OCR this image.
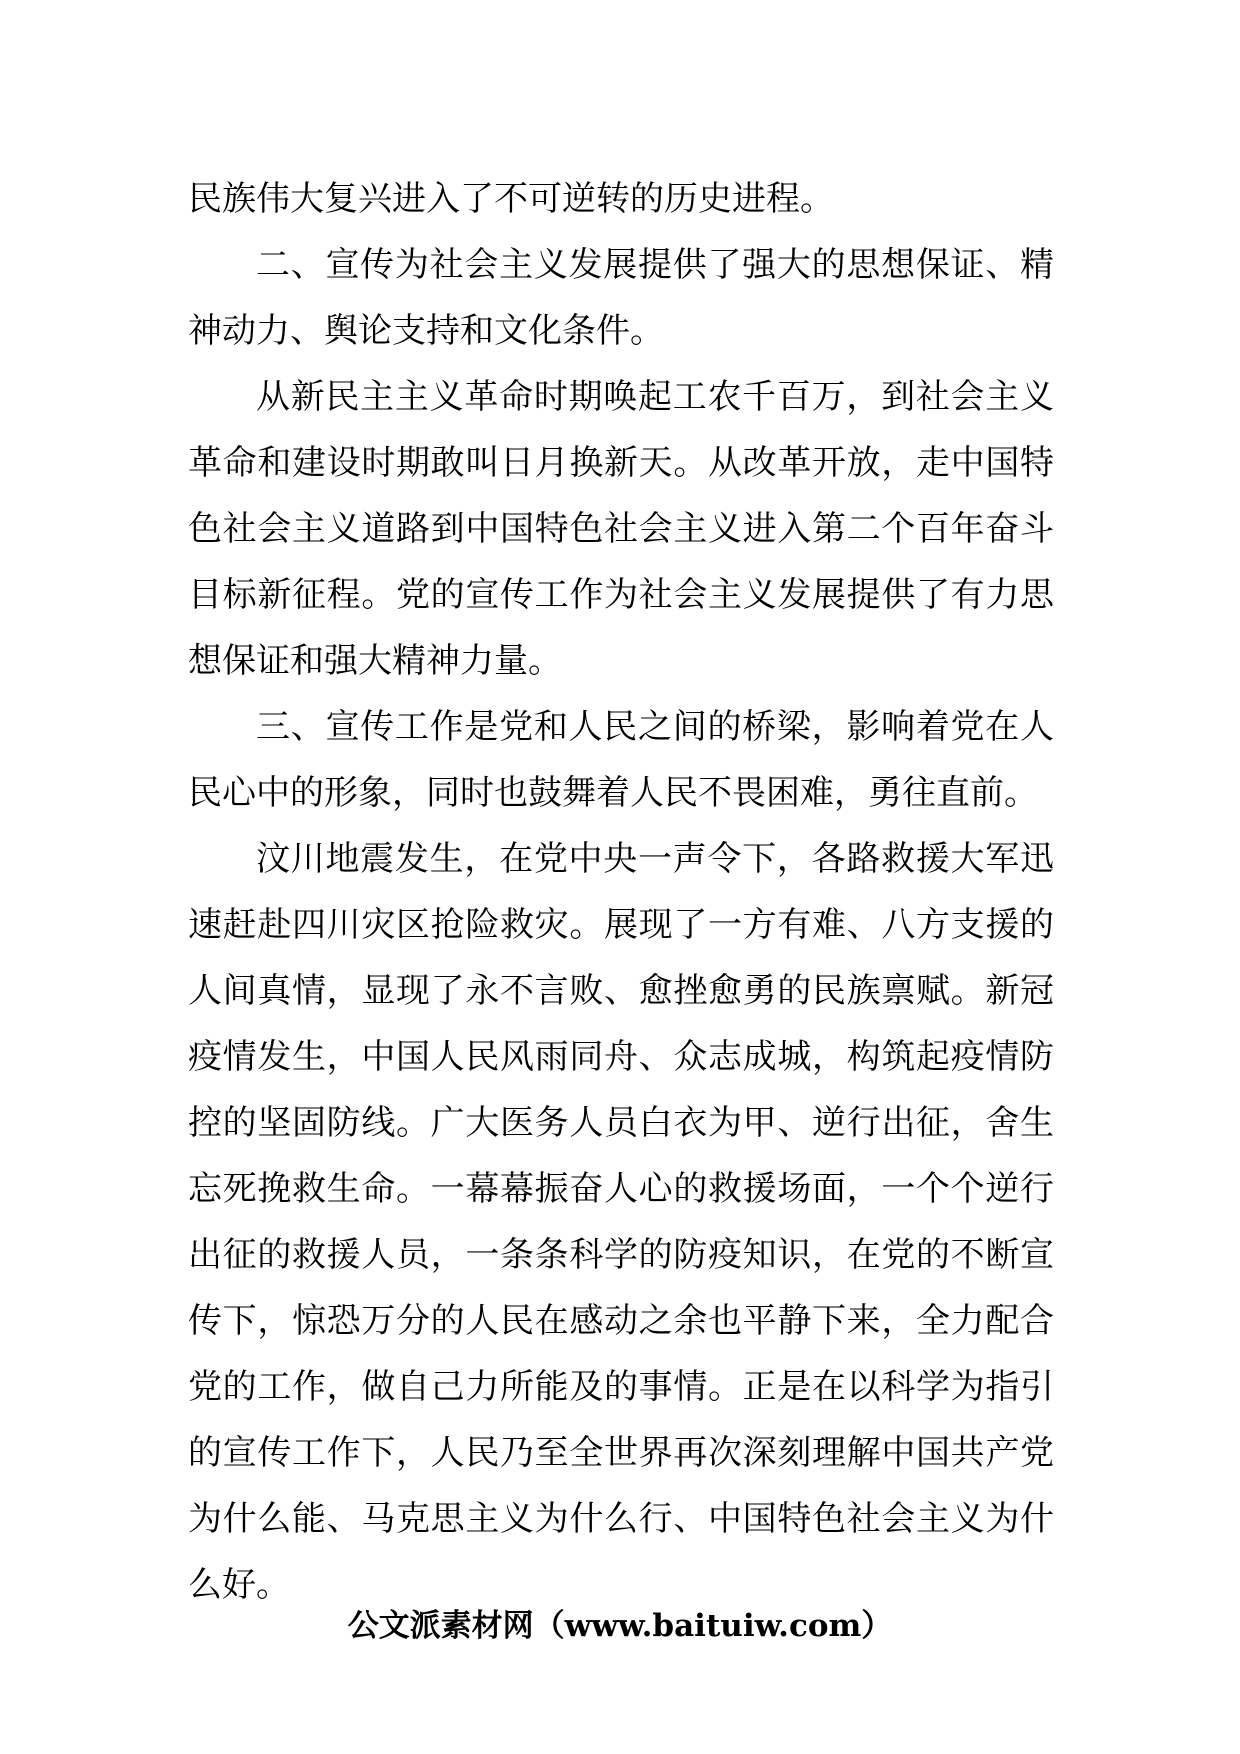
民族伟大复兴进入了不可逆转的历史进程。

二、宣传为社会主义发展提供了强大的思想保证、精神动力、舆论支持和文化条件。

从新民主主义革命时期唤起工农千百万，到社会主义革命和建设时期敢叫日月换新天。从改革开放，走中国特色社会主义道路到中国特色社会主义进入第二个百年奋斗目标新征程。党的宣传工作为社会主义发展提供了有力思想保证和强大精神力量。

三、宣传工作是党和人民之间的桥梁，影响着党在人民心中的形象，同时也鼓舞着人民不畏困难，勇往直前。

汶川地震发生，在党中央一声令下，各路救援大军迅速赶赴四川灾区抢险救灾。展现了一方有难、八方支援的人间真情，显现了永不言败、愈挫愈勇的民族禀赋。新冠疫情发生，中国人民风雨同舟、众志成城，构筑起疫情防控的坚固防线。广大医务人员白衣为甲、逆行出征，舍生忘死挽救生命。一幕幕振奋人心的救援场面，一个个逆行出征的救援人员，一条条科学的防疫知识，在党的不断宣传下，惊恐万分的人民在感动之余也平静下来，全力配合党的工作，做自己力所能及的事情。正是在以科学为指引的宣传工作下，人民乃至全世界再次深刻理解中国共产党为什么能、马克思主义为什么行、中国特色社会主义为什么好。

公文派素材网（www.baituiw.com）
